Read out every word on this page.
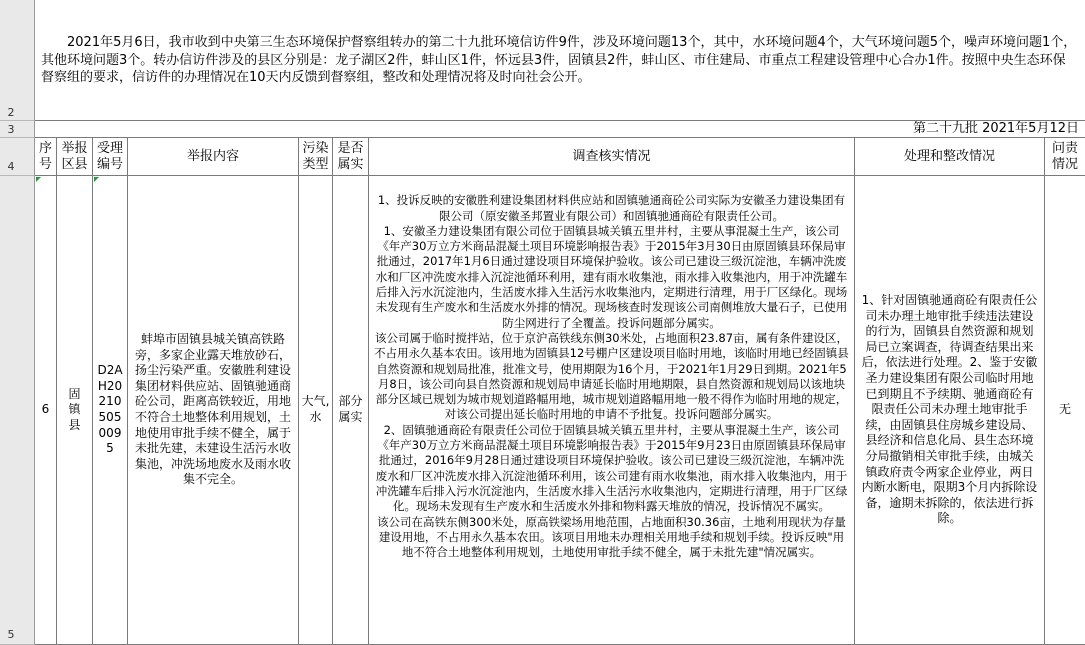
2
3
4
5
2021年5月6日，我市收到中央第三生态环境保护督察组转办的第二十九批环境信访件9件，涉及环境问题13个，其中，水环境问题4个，大气环境问题5个，噪声环境问题1个，其他环境问题3个。转办信访件涉及的县区分别是：龙子湖区2件，蚌山区1件，怀远县3件，固镇县2件，蚌山区、市住建局、市重点工程建设管理中心合办1件。按照中央生态环保督察组的要求，信访件的办理情况在10天内反馈到督察组，整改和处理情况将及时向社会公开。
第二十九批 2021年5月12日
序号
举报区县
受理编号
举报内容
污染类型
是否属实
调查核实情况	处理和整改情况
问责情况
6
固镇县
D2AH20210505009 5
蚌埠市固镇县城关镇高铁路旁，多家企业露天堆放砂石，扬尘污染严重。安徽胜利建设集团材料供应站、固镇驰通商砼公司，距离高铁较近，用地不符合土地整体利用规划，土地使用审批手续不健全，属于未批先建，未建设生活污水收集池，冲洗场地废水及雨水收集不完全。
大气,水
部分属实

1、投诉反映的安徽胜利建设集团材料供应站和固镇驰通商砼公司实际为安徽圣力建设集团有限公司（原安徽圣邦置业有限公司）和固镇驰通商砼有限责任公司。
1、安徽圣力建设集团有限公司位于固镇县城关镇五里井村，主要从事混凝土生产，该公司《年产30万立方米商品混凝土项目环境影响报告表》于2015年3月30日由原固镇县环保局审批通过，2017年1月6日通过建设项目环境保护验收。该公司已建设三级沉淀池，车辆冲洗废水和厂区冲洗废水排入沉淀池循环利用，建有雨水收集池，雨水排入收集池内，用于冲洗罐车后排入污水沉淀池内，生活废水排入生活污水收集池内，定期进行清理，用于厂区绿化。现场未发现有生产废水和生活废水外排的情况。现场核查时发现该公司南侧堆放大量石子，已使用防尘网进行了全覆盖。投诉问题部分属实。
该公司属于临时搅拌站，位于京沪高铁线东侧30米处，占地面积23.87亩，属有条件建设区，不占用永久基本农田。该用地为固镇县12号棚户区建设项目临时用地，该临时用地已经固镇县自然资源和规划局批准，批准文号，使用期限为16个月，于2021年1月29日到期。2021年5月8日，该公司向县自然资源和规划局申请延长临时用地期限，县自然资源和规划局以该地块部分区域已规划为城市规划道路幅用地，城市规划道路幅用地一般不得作为临时用地的规定，对该公司提出延长临时用地的申请不予批复。投诉问题部分属实。
2、固镇驰通商砼有限责任公司位于固镇县城关镇五里井村，主要从事混凝土生产，该公司《年产30万立方米商品混凝土项目环境影响报告表》于2015年9月23日由原固镇县环保局审批通过，2016年9月28日通过建设项目环境保护验收。该公司已建设三级沉淀池，车辆冲洗废水和厂区冲洗废水排入沉淀池循环利用，该公司建有雨水收集池，雨水排入收集池内，用于冲洗罐车后排入污水沉淀池内，生活废水排入生活污水收集池内，定期进行清理，用于厂区绿化。现场未发现有生产废水和生活废水外排和物料露天堆放的情况，投诉情况不属实。
该公司在高铁东侧300米处，原高铁梁场用地范围，占地面积30.36亩，土地利用现状为存量建设用地，不占用永久基本农田。该项目用地未办理相关用地手续和规划手续。投诉反映"用地不符合土地整体利用规划，土地使用审批手续不健全，属于未批先建"情况属实。

1、针对固镇驰通商砼有限责任公司未办理土地审批手续违法建设的行为，固镇县自然资源和规划局已立案调查，待调查结果出来后，依法进行处理。2、鉴于安徽圣力建设集团有限公司临时用地已到期且不予续期、驰通商砼有限责任公司未办理土地审批手续，由固镇县住房城乡建设局、县经济和信息化局、县生态环境分局撤销相关审批手续，由城关镇政府责令两家企业停业，两日内断水断电，限期3个月内拆除设备，逾期未拆除的，依法进行拆除。
无
